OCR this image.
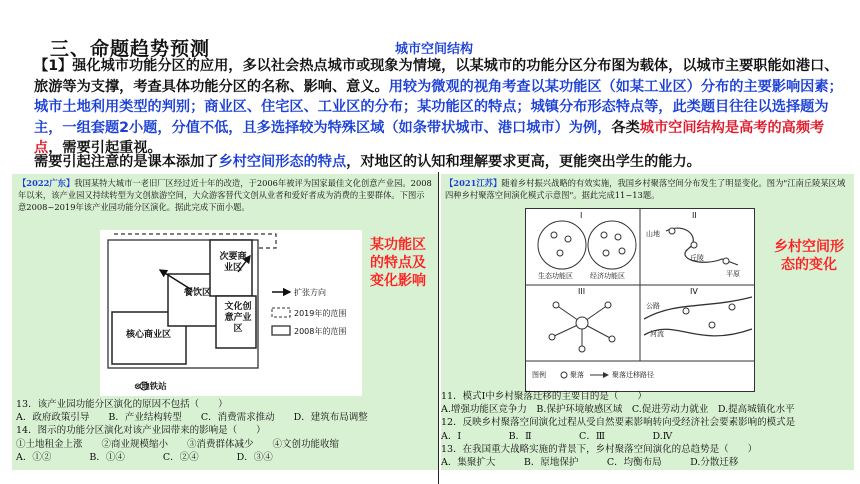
三、命题趋势预测	城市空间结构
【1】强化城市功能分区的应用，多以社会热点城市或现象为情境，以某城市的功能分区分布图为载体，以城市主要职能如港口、旅游等为支撑，考查具体功能分区的名称、影响、意义。用较为微观的视角考查以某功能区（如某工业区）分布的主要影响因素；城市土地利用类型的判别；商业区、住宅区、工业区的分布；某功能区的特点；城镇分布形态特点等，此类题目往往以选择题为主，一组套题2小题，分值不低，且多选择较为特殊区域（如条带状城市、港口城市）为例，各类城市空间结构是高考的高频考点，需要引起重视。
需要引起注意的是课本添加了乡村空间形态的特点，对地区的认知和理解要求更高，更能突出学生的能力。
【2022广东】我国某特大城市一老旧厂区经过近十年的改造，于2006年被评为国家最佳文化创意产业园。2008年以来，该产业园又持续转型为文创旅游空间，大众游客替代文创从业者和爱好者成为消费的主要群体。下图示意2008~2019年该产业园功能分区演化。据此完成下面小题。
核心商业区
餐饮区
次要商业区
文化创意产业区
扩张方向
2019年的范围
2008年的范围
⊗地铁站
某功能区的特点及变化影响
13．该产业园功能分区演化的原因不包括（　　）
A．政府政策引导　　B．产业结构转型　　C．消费需求推动　　D．建筑布局调整
14．图示的功能分区演化对该产业园带来的影响是（　　）
①土地租金上涨　　②商业规模缩小　　③消费群体减少　　④文创功能收缩
A．①②　　　　B．①④　　　　C．②④　　　　D．③④
【2021江苏】随着乡村振兴战略的有效实施，我国乡村聚落空间分布发生了明显变化。图为"江南丘陵某区域四种乡村聚落空间演化模式示意图"。据此完成11~13题。
I	II
III	IV
生态功能区 经济功能区
山地
丘陵
平原
公路
河流
图例	聚落	聚落迁移路径
乡村空间形态的变化
11．模式Ⅰ中乡村聚落迁移的主要目的是（　　）
A.增强功能区竞争力　B.保护环境敏感区域　C.促进劳动力就业　D.提高城镇化水平
12．反映乡村聚落空间演化过程从受自然要素影响转向受经济社会要素影响的模式是
A．Ⅰ　　　　　B．Ⅱ　　　　　C．Ⅲ　　　　　D.Ⅳ
13．在我国重大战略实施的背景下，乡村聚落空间演化的总趋势是（　　）
A．集聚扩大　　　B．原地保护　　　C．均衡布局　　　D.分散迁移
